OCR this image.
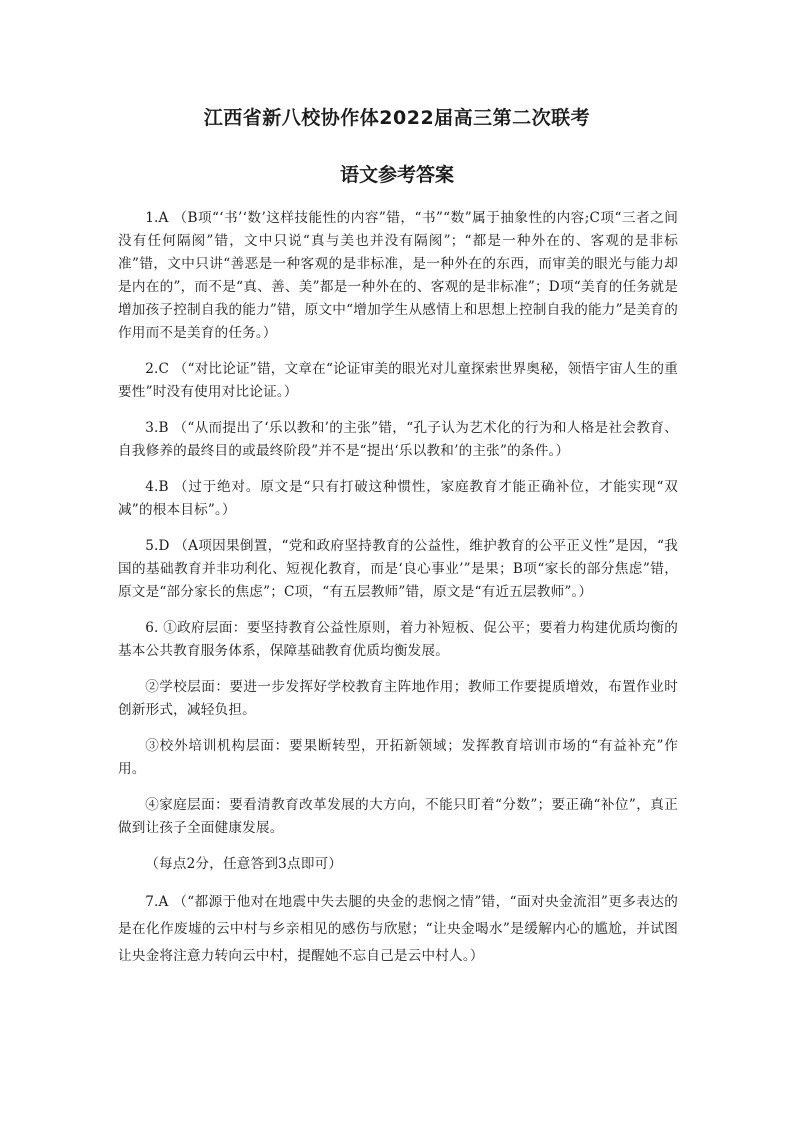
江西省新八校协作体2022届高三第二次联考
语文参考答案

1.A （B项“‘书’‘数’这样技能性的内容”错，“书”“数”属于抽象性的内容;C项“三者之间没有任何隔阂”错，文中只说“真与美也并没有隔阂”；“都是一种外在的、客观的是非标准”错，文中只讲“善恶是一种客观的是非标准，是一种外在的东西，而审美的眼光与能力却是内在的”，而不是“真、善、美”都是一种外在的、客观的是非标准”；D项“美育的任务就是增加孩子控制自我的能力”错，原文中“增加学生从感情上和思想上控制自我的能力”是美育的作用而不是美育的任务。）

2.C （“对比论证”错，文章在“论证审美的眼光对儿童探索世界奥秘，领悟宇宙人生的重要性”时没有使用对比论证。）

3.B （“从而提出了‘乐以教和’的主张”错，“孔子认为艺术化的行为和人格是社会教育、自我修养的最终目的或最终阶段”并不是“提出‘乐以教和’的主张”的条件。）

4.B （过于绝对。原文是“只有打破这种惯性，家庭教育才能正确补位，才能实现“双减”的根本目标”。）

5.D （A项因果倒置，“党和政府坚持教育的公益性，维护教育的公平正义性”是因，“我国的基础教育并非功利化、短视化教育，而是‘良心事业’”是果；B项“家长的部分焦虑”错，原文是“部分家长的焦虑”；C项，“有五层教师”错，原文是“有近五层教师”。）

6. ①政府层面：要坚持教育公益性原则，着力补短板、促公平；要着力构建优质均衡的基本公共教育服务体系，保障基础教育优质均衡发展。

②学校层面：要进一步发挥好学校教育主阵地作用；教师工作要提质增效，布置作业时创新形式，减轻负担。

③校外培训机构层面：要果断转型，开拓新领域；发挥教育培训市场的“有益补充”作用。

④家庭层面：要看清教育改革发展的大方向，不能只盯着“分数”；要正确“补位”，真正做到让孩子全面健康发展。

（每点2分，任意答到3点即可）

7.A （“都源于他对在地震中失去腿的央金的悲悯之情”错，“面对央金流泪”更多表达的是在化作废墟的云中村与乡亲相见的感伤与欣慰；“让央金喝水”是缓解内心的尴尬，并试图让央金将注意力转向云中村，提醒她不忘自己是云中村人。）
